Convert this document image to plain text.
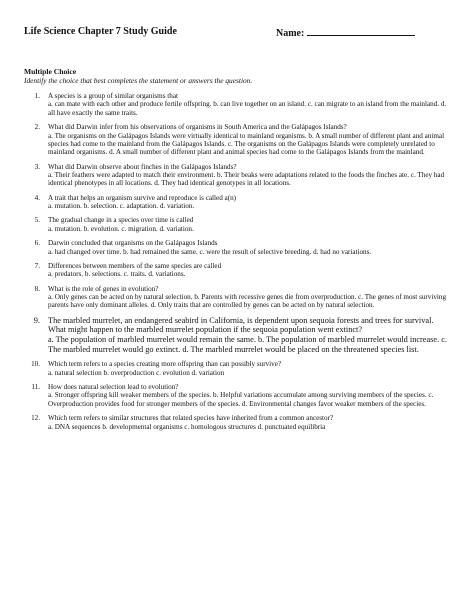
Life Science Chapter 7 Study Guide	Name:
Multiple Choice
Identify the choice that best completes the statement or answers the question.
1. A species is a group of similar organisms that
a. can mate with each other and produce fertile offspring. b. can live together on an island. c. can migrate to an island from the mainland. d. all have exactly the same traits.
2. What did Darwin infer from his observations of organisms in South America and the Galápagos Islands?
a. The organisms on the Galápagos Islands were virtually identical to mainland organisms. b. A small number of different plant and animal species had come to the mainland from the Galápagos Islands. c. The organisms on the Galápagos Islands were completely unrelated to mainland organisms. d. A small number of different plant and animal species had come to the Galápagos Islands from the mainland.
3. What did Darwin observe about finches in the Galápagos Islands?
a. Their feathers were adapted to match their environment. b. Their beaks were adaptations related to the foods the finches ate. c. They had identical phenotypes in all locations. d. They had identical genotypes in all locations.
4. A trait that helps an organism survive and reproduce is called a(n)
a. mutation. b. selection. c. adaptation. d. variation.
5. The gradual change in a species over time is called
a. mutation. b. evolution. c. migration. d. variation.
6. Darwin concluded that organisms on the Galápagos Islands
a. had changed over time. b. had remained the same. c. were the result of selective breeding. d. had no variations.
7. Differences between members of the same species are called
a. predators. b. selections. c. traits. d. variations.
8. What is the role of genes in evolution?
a. Only genes can be acted on by natural selection. b. Parents with recessive genes die from overproduction. c. The genes of most surviving parents have only dominant alleles. d. Only traits that are controlled by genes can be acted on by natural selection.
9. The marbled murrelet, an endangered seabird in California, is dependent upon sequoia forests and trees for survival. What might happen to the marbled murrelet population if the sequoia population went extinct?
a. The population of marbled murrelet would remain the same. b. The population of marbled murrelet would increase. c. The marbled murrelet would go extinct. d. The marbled murrelet would be placed on the threatened species list.
10. Which term refers to a species creating more offspring than can possibly survive?
a. natural selection b. overproduction c. evolution d. variation
11. How does natural selection lead to evolution?
a. Stronger offspring kill weaker members of the species. b. Helpful variations accumulate among surviving members of the species. c. Overproduction provides food for stronger members of the species. d. Environmental changes favor weaker members of the species.
12. Which term refers to similar structures that related species have inherited from a common ancestor?
a. DNA sequences b. developmental organisms c. homologous structures d. punctuated equilibria
